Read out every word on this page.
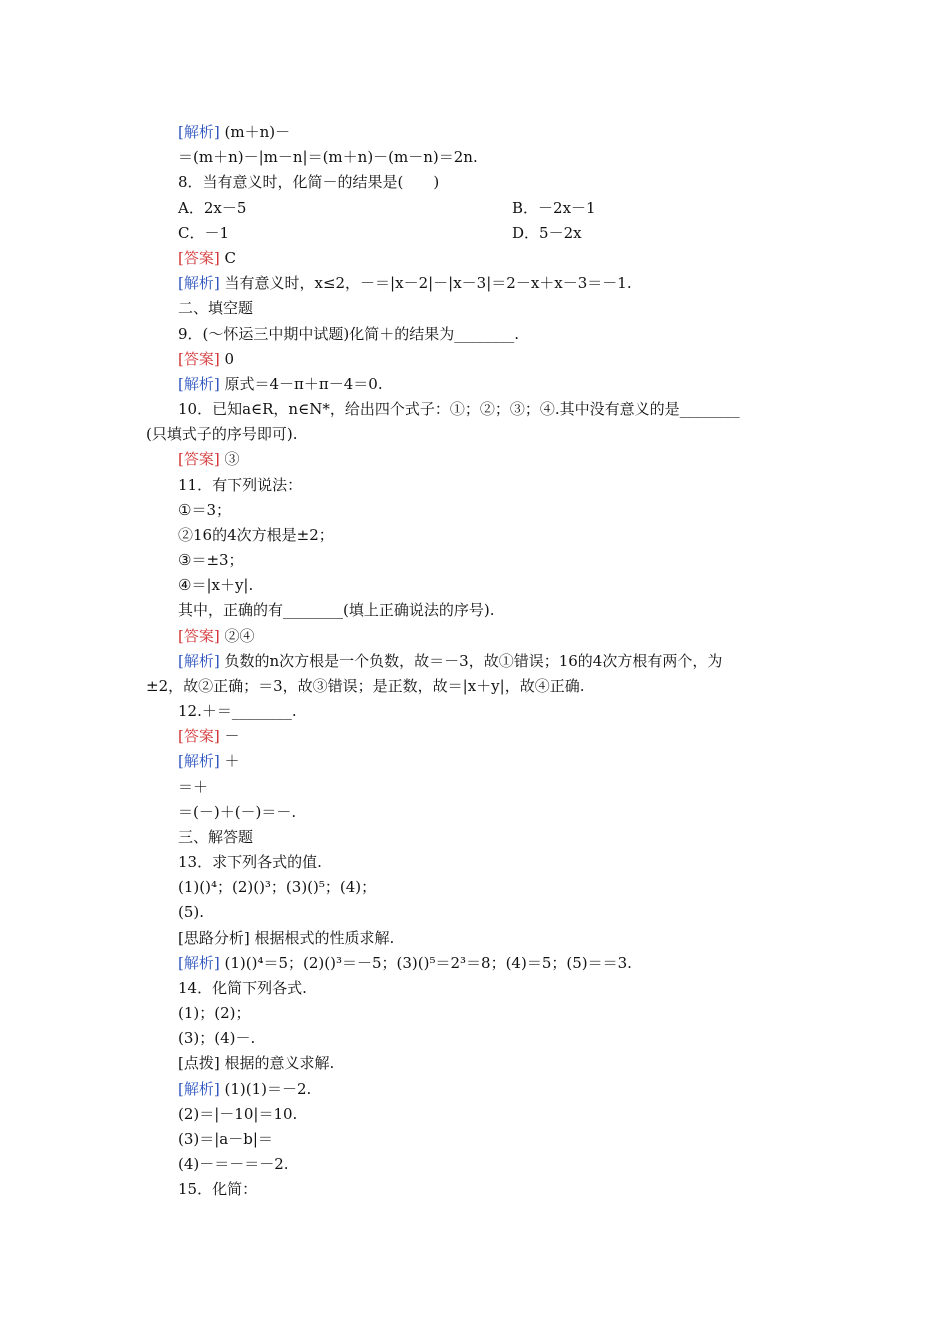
[解析] (m＋n)－
＝(m＋n)－|m－n|＝(m＋n)－(m－n)＝2n.
8．当有意义时，化简－的结果是(　　)
A．2x－5	B．－2x－1
C．－1	D．5－2x
[答案] C
[解析] 当有意义时，x≤2，－＝|x－2|－|x－3|＝2－x＋x－3＝－1.
二、填空题
9．(～怀运三中期中试题)化简＋的结果为________.
[答案] 0
[解析] 原式＝4－π＋π－4＝0.
10．已知a∈R，n∈N*，给出四个式子：①；②；③；④.其中没有意义的是________
(只填式子的序号即可).
[答案] ③
11．有下列说法：
①＝3；
②16的4次方根是±2；
③＝±3；
④＝|x＋y|.
其中，正确的有________(填上正确说法的序号).
[答案] ②④
[解析] 负数的n次方根是一个负数，故＝－3，故①错误；16的4次方根有两个，为
±2，故②正确；＝3，故③错误；是正数，故＝|x＋y|，故④正确.
12.＋＝________.
[答案] －
[解析] ＋
＝＋
＝(－)＋(－)＝－.
三、解答题
13．求下列各式的值.
(1)()⁴；(2)()³；(3)()⁵；(4)；
(5).
[思路分析] 根据根式的性质求解.
[解析] (1)()⁴＝5；(2)()³＝－5；(3)()⁵＝2³＝8；(4)＝5；(5)＝＝3.
14．化简下列各式.
(1)；(2)；
(3)；(4)－.
[点拨] 根据的意义求解.
[解析] (1)(1)＝－2.
(2)＝|－10|＝10.
(3)＝|a－b|＝
(4)－＝－＝－2.
15．化简：
